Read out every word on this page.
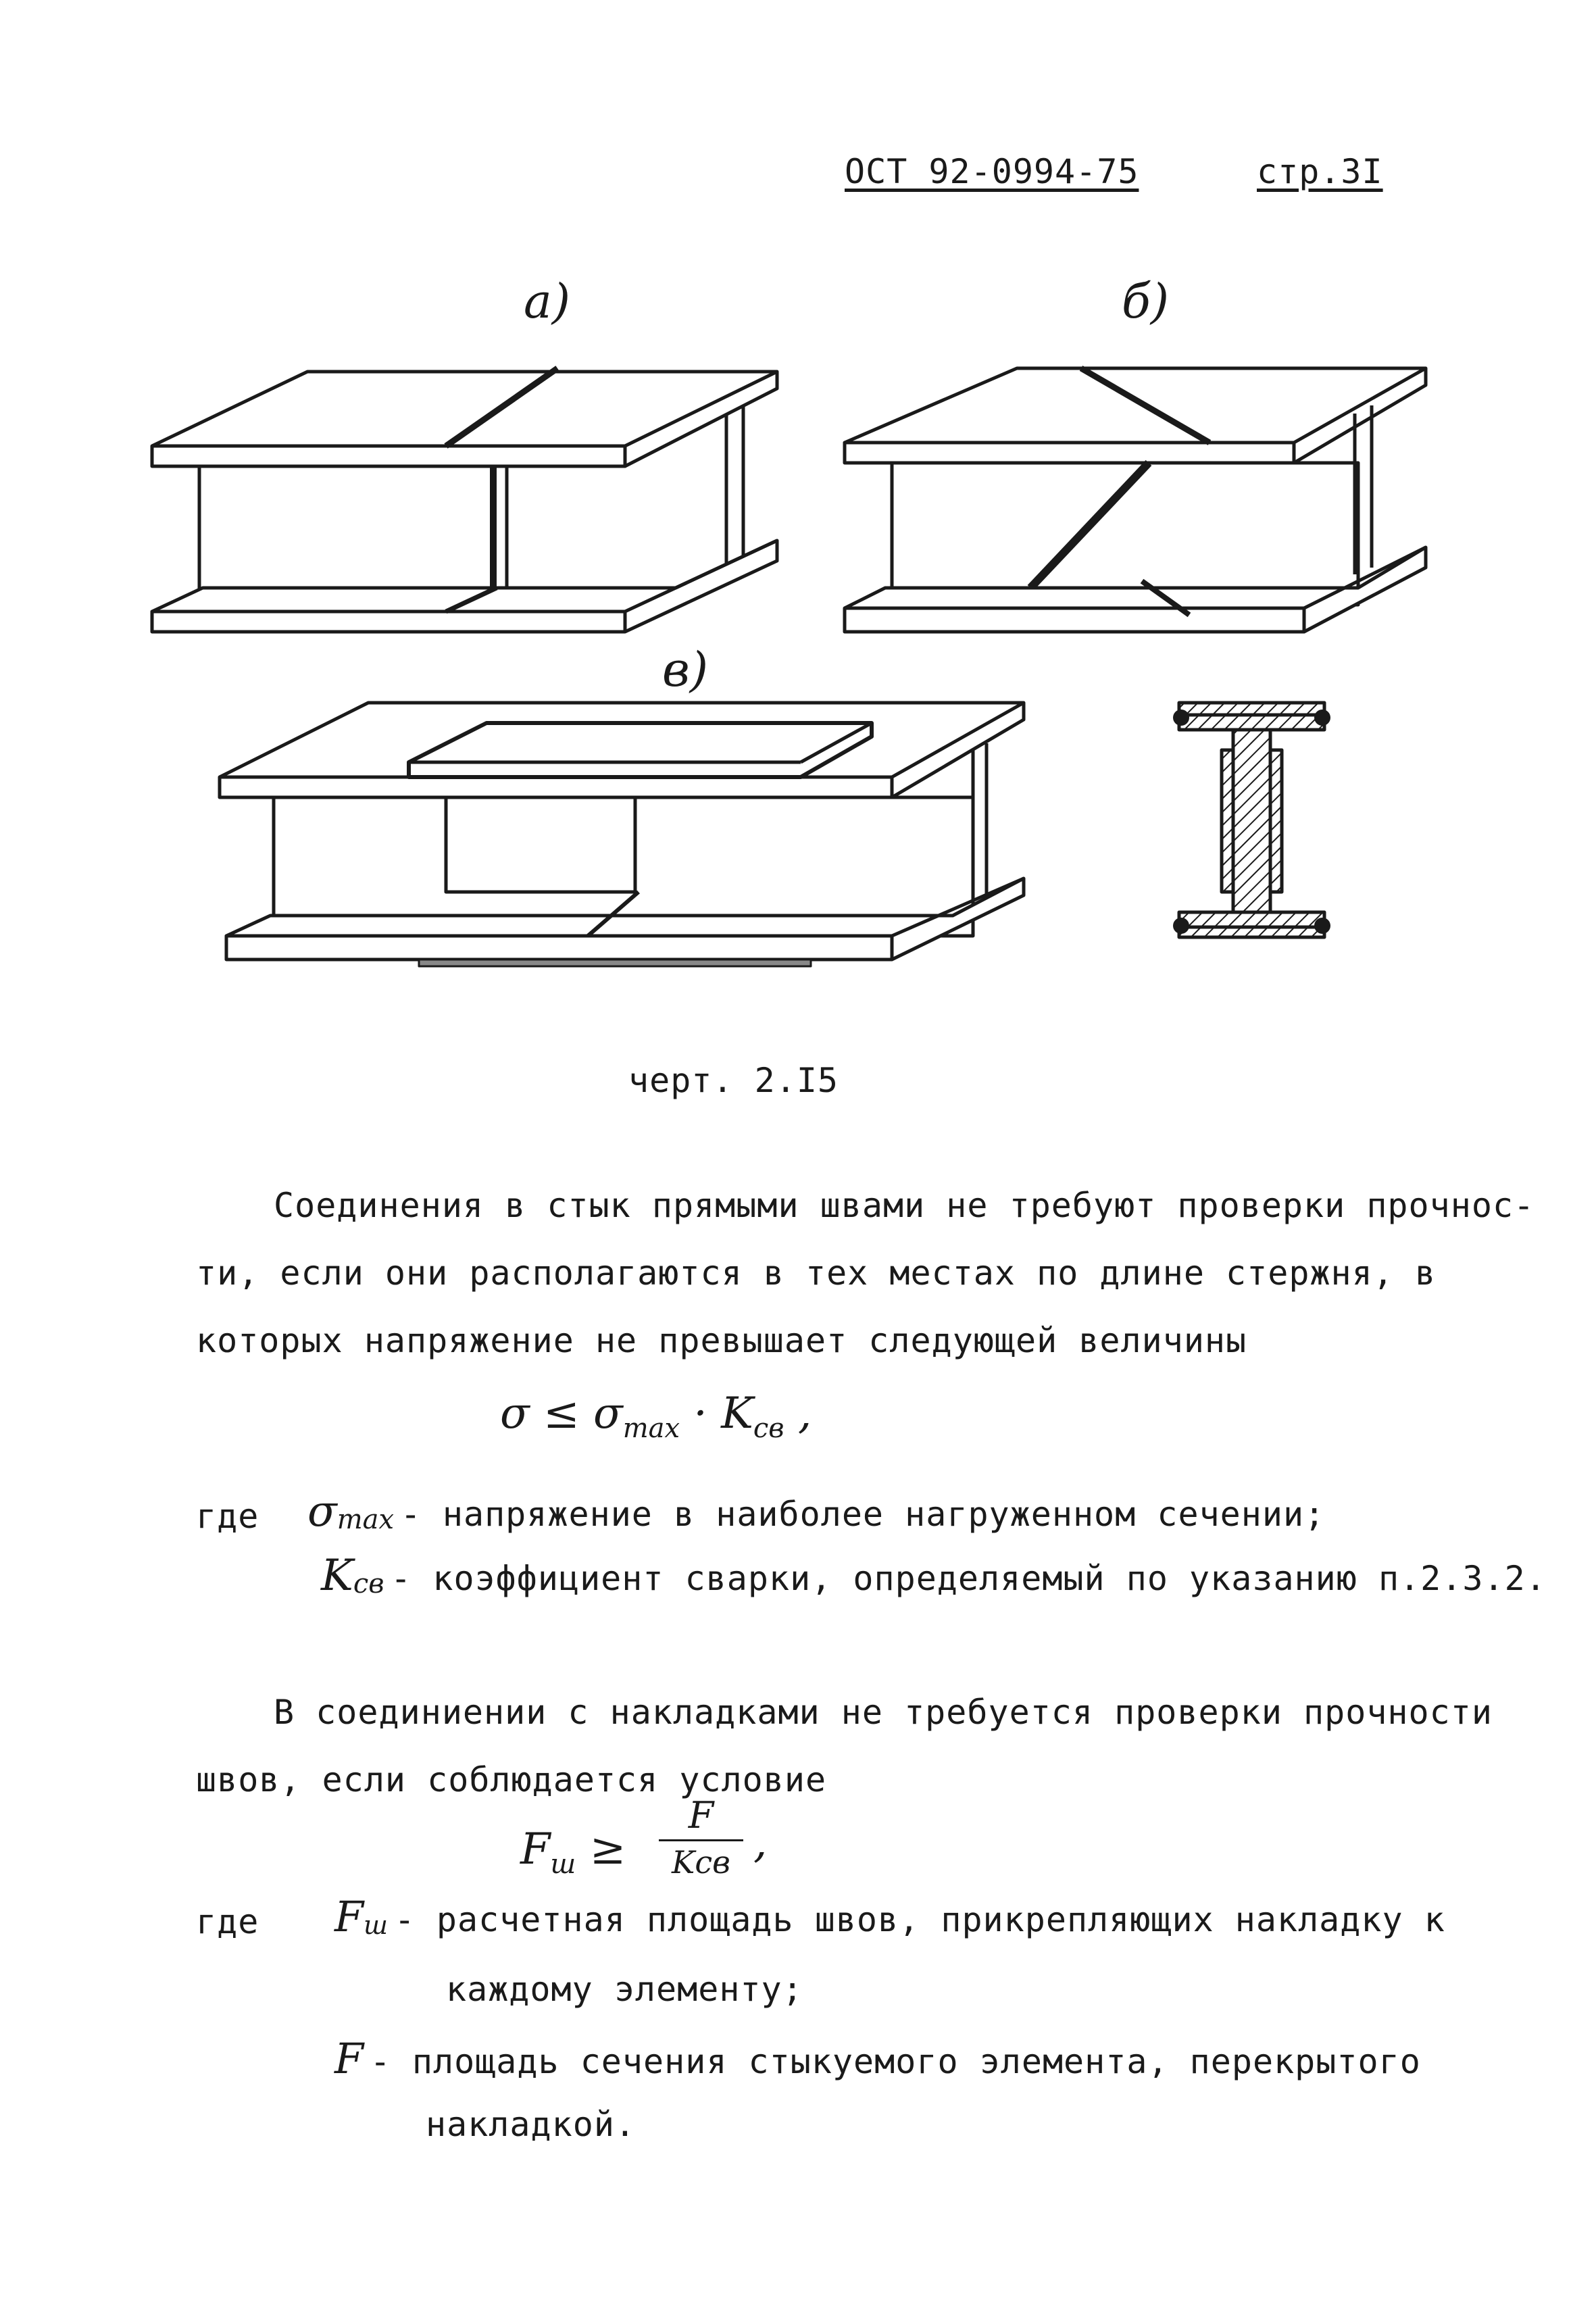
ОСТ 92-0994-75	стр.3I
а)	б)
в)
черт. 2.I5
Соединения в стык прямыми швами не требуют проверки прочнос-
ти, если они располагаются в тех местах по длине стержня, в
которых напряжение не превышает следующей величины
$\sigma \le \sigma_{max} \cdot K_{св}$ ,
где $\sigma_{max}$ - напряжение в наиболее нагруженном сечении;
$K_{св}$ - коэффициент сварки, определяемый по указанию п.2.3.2.
В соединиении с накладками не требуется проверки прочности
швов, если соблюдается условие
$F_ш$ ≥
F
Kсв ,
где $F_ш$ - расчетная площадь швов, прикрепляющих накладку к
каждому элементу;
F - площадь сечения стыкуемого элемента, перекрытого
накладкой.
